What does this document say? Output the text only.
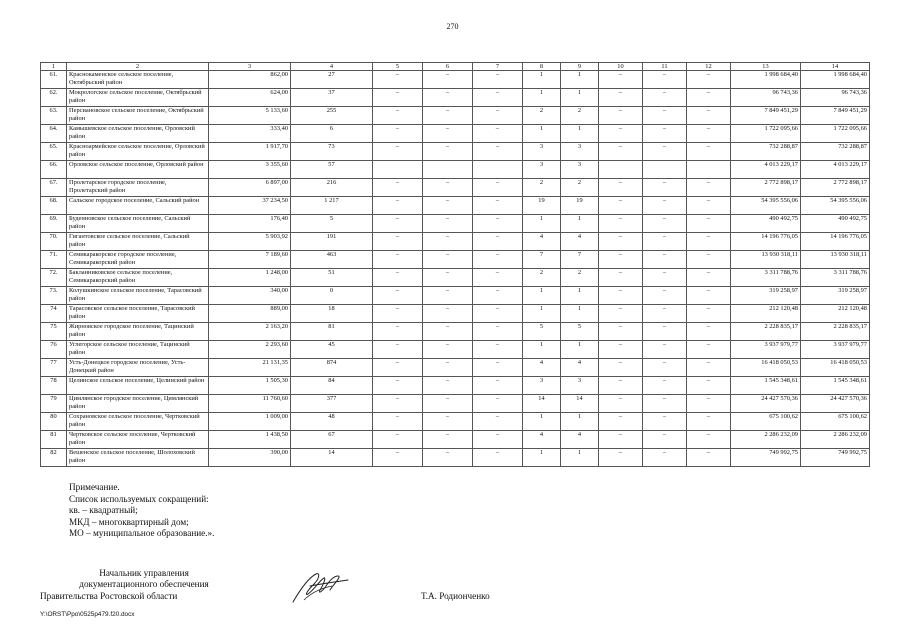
270
1	2	3	4	5	6	7	8	9	10	11	12	13	14
61.	Краснокаменское сельское поселение, Октябрьский район	862,00	27	–	–	–	1	1	–	–	–	1 998 684,40	1 998 684,40
62.	Мокрологское сельское поселение, Октябрьский район	624,00	37	–	–	–	1	1	–	–	–	96 743,36	96 743,36
63.	Персиановское сельское поселение, Октябрьский район	5 133,60	255	–	–	–	2	2	–	–	–	7 849 451,29	7 849 451,29
64.	Камышевское сельское поселение, Орловский район	333,40	6	–	–	–	1	1	–	–	–	1 722 095,66	1 722 095,66
65.	Красноармейское сельское поселение, Орловский район	1 917,70	73	–	–	–	3	3	–	–	–	732 288,87	732 288,87
66.	Орловское сельское поселение, Орловский район	3 355,60	57				3	3				4 013 229,17	4 013 229,17
67.	Пролетарское городское поселение, Пролетарский район	6 897,00	216	–	–	–	2	2	–	–	–	2 772 898,17	2 772 898,17
68.	Сальское городское поселение, Сальский район	37 234,50	1 217	–	–	–	19	19	–	–	–	54 395 556,06	54 395 556,06
69.	Буденновское сельское поселение, Сальский район	176,40	5	–	–	–	1	1	–	–	–	490 492,75	490 492,75
70.	Гигантовское сельское поселение, Сальский район	5 903,92	191	–	–	–	4	4	–	–	–	14 196 776,05	14 196 776,05
71.	Семикаракорское городское поселение, Семикаракорский район	7 189,60	463	–	–	–	7	7	–	–	–	13 930 318,11	13 930 318,11
72.	Бакланниковское сельское поселение, Семикаракорский район	1 248,00	51	–	–	–	2	2	–	–	–	3 311 788,76	3 311 788,76
73.	Колушкинское сельское поселение, Тарасовский район	340,00	0	–	–	–	1	1	–	–	–	319 258,97	319 258,97
74	Тарасовское сельское поселение, Тарасовский район	889,00	18	–	–	–	1	1	–	–	–	212 120,48	212 120,48
75	Жирновское городское поселение, Тацинский район	2 163,20	81	–	–	–	5	5	–	–	–	2 228 835,17	2 228 835,17
76	Углегорское сельское поселение, Тацинский район	2 293,60	45	–	–	–	1	1	–	–	–	3 937 979,77	3 937 979,77
77	Усть-Донецкое городское поселение, Усть-Донецкий район	21 131,35	874	–	–	–	4	4	–	–	–	16 418 050,53	16 418 050,53
78	Целинское сельское поселение, Целинский район	1 505,30	84	–	–	–	3	3	–	–	–	1 545 348,61	1 545 348,61
79	Цимлянское городское поселение, Цимлянский район	11 760,60	377	–	–	–	14	14	–	–	–	24 427 570,36	24 427 570,36
80	Сохрановское сельское поселение, Чертковский район	1 009,00	48	–	–	–	1	1	–	–	–	675 100,62	675 100,62
81	Чертковское сельское поселение, Чертковский район	1 438,50	67	–	–	–	4	4	–	–	–	2 286 232,09	2 286 232,09
82	Вешенское сельское поселение, Шолоховский район	390,00	14	–	–	–	1	1	–	–	–	749 992,75	749 992,75
Примечание.
Список используемых сокращений:
кв. – квадратный;
МКД – многоквартирный дом;
МО – муниципальное образование.».
Начальник управления
документационного обеспечения
Правительства Ростовской области	Т.А. Родионченко
Y:\ORST\Ppo\0525p479.f20.docx
